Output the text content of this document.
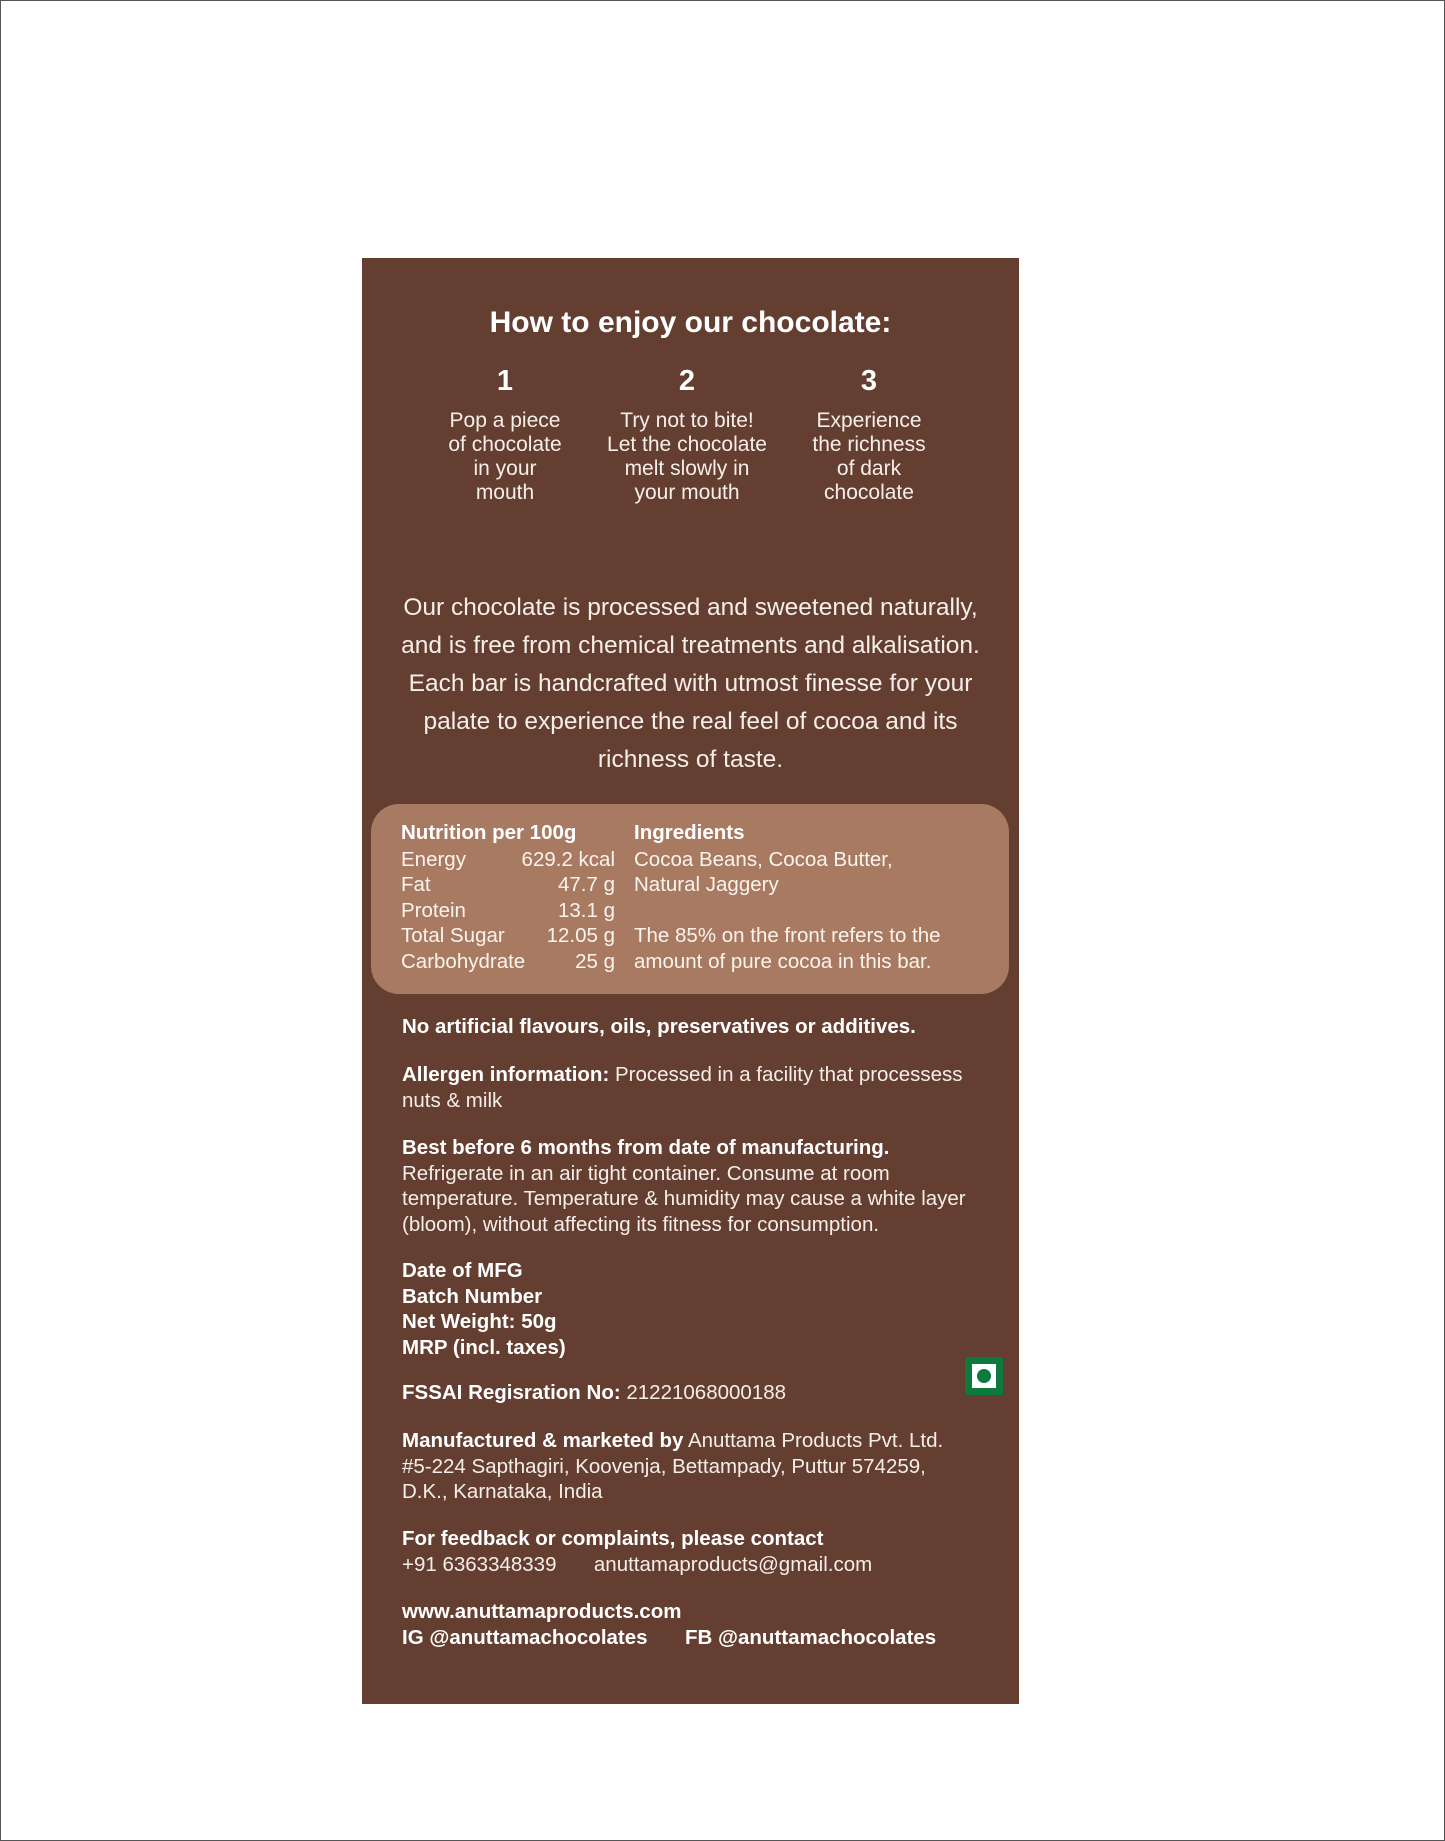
How to enjoy our chocolate:
1
Pop a piece
of chocolate
in your
mouth
2
Try not to bite!
Let the chocolate
melt slowly in
your mouth
3
Experience
the richness
of dark
chocolate
Our chocolate is processed and sweetened naturally, and is free from chemical treatments and alkalisation. Each bar is handcrafted with utmost finesse for your palate to experience the real feel of cocoa and its richness of taste.
Nutrition per 100g
Energy	629.2 kcal
Fat	47.7 g
Protein	13.1 g
Total Sugar 12.05 g
Carbohydrate 25 g
Ingredients
Cocoa Beans, Cocoa Butter,
Natural Jaggery
The 85% on the front refers to the
amount of pure cocoa in this bar.
No artificial flavours, oils, preservatives or additives.
Allergen information: Processed in a facility that processess nuts & milk
Best before 6 months from date of manufacturing.
Refrigerate in an air tight container. Consume at room temperature. Temperature & humidity may cause a white layer (bloom), without affecting its fitness for consumption.
Date of MFG
Batch Number
Net Weight: 50g
MRP (incl. taxes)
FSSAI Regisration No: 21221068000188
Manufactured & marketed by Anuttama Products Pvt. Ltd.
#5-224 Sapthagiri, Koovenja, Bettampady, Puttur 574259,
D.K., Karnataka, India
For feedback or complaints, please contact
+91 6363348339 anuttamaproducts@gmail.com
www.anuttamaproducts.com
IG @anuttamachocolates FB @anuttamachocolates
